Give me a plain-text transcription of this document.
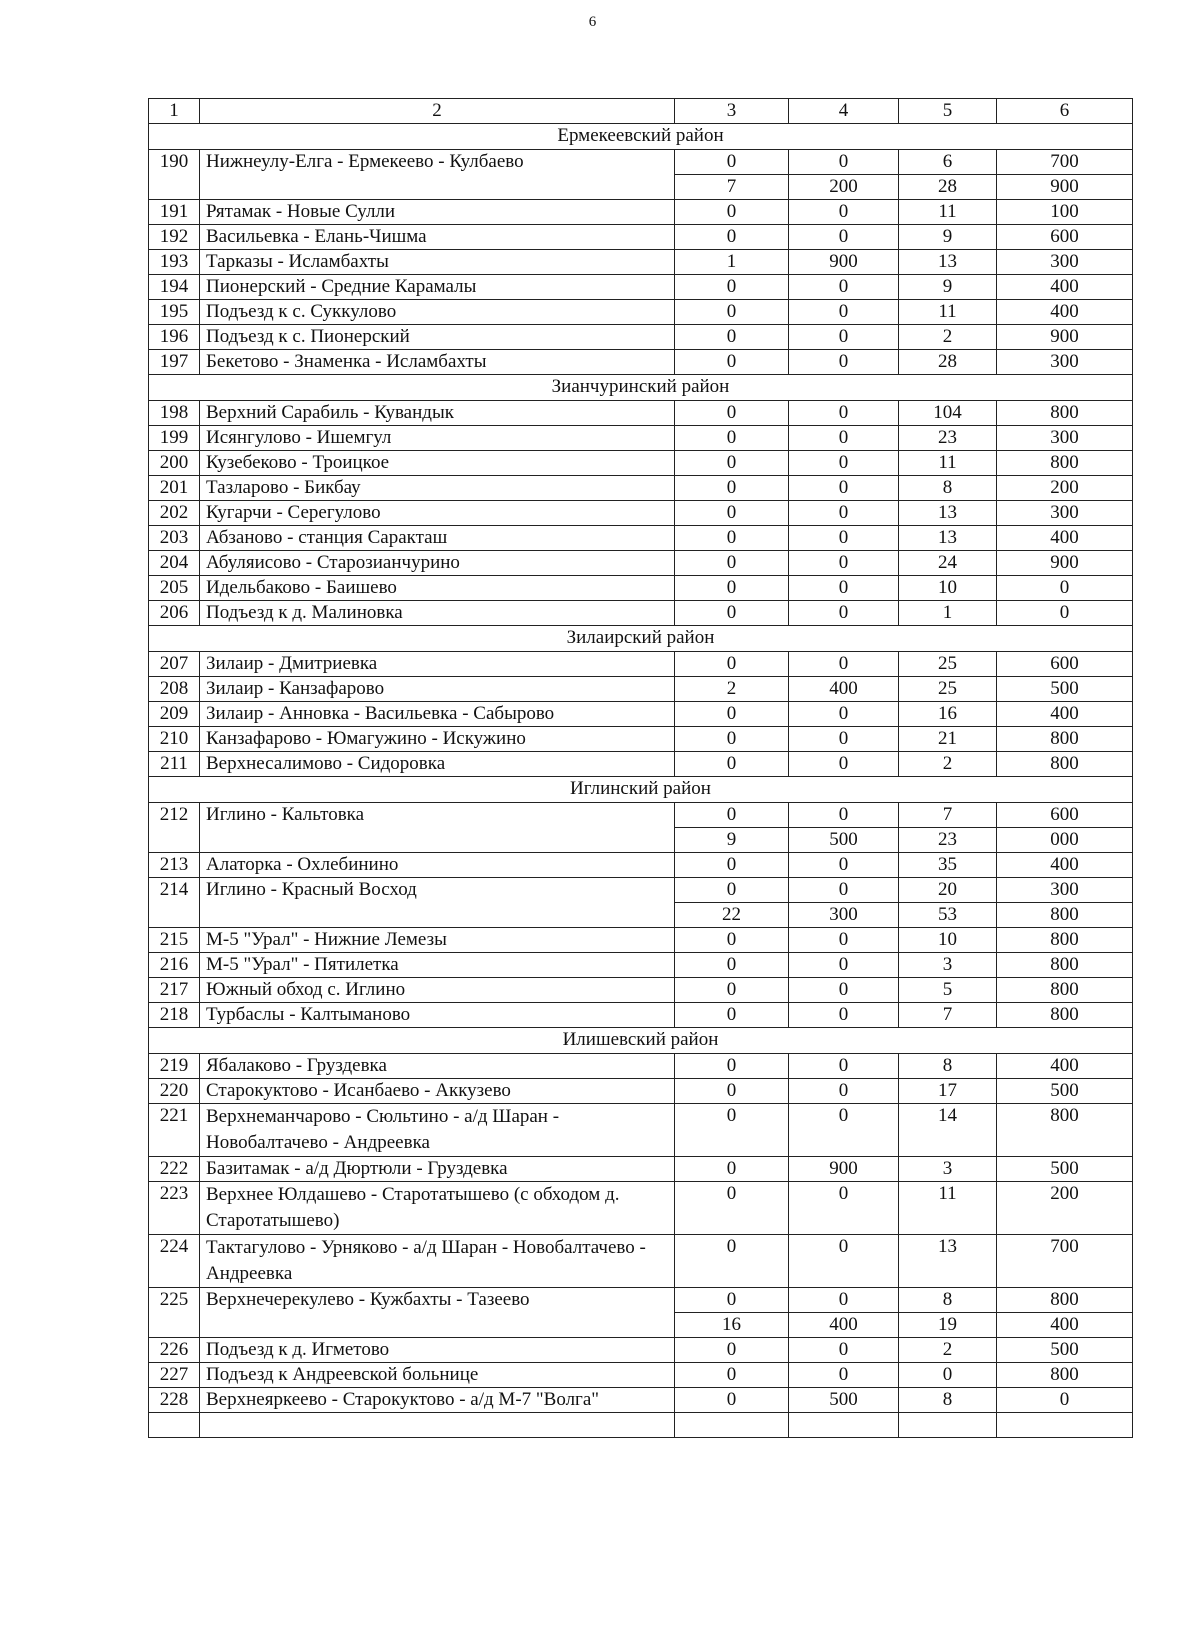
6
1	2	3	4	5	6
Ермекеевский район					
190	Нижнеулу-Елга - Ермекеево - Кулбаево	0	0	6	700
		7	200	28	900
191	Рятамак - Новые Сулли	0	0	11	100
192	Васильевка - Елань-Чишма	0	0	9	600
193	Тарказы - Исламбахты	1	900	13	300
194	Пионерский - Средние Карамалы	0	0	9	400
195	Подъезд к с. Суккулово	0	0	11	400
196	Подъезд к с. Пионерский	0	0	2	900
197	Бекетово - Знаменка - Исламбахты	0	0	28	300
Зианчуринский район					
198	Верхний Сарабиль - Кувандык	0	0	104	800
199	Исянгулово - Ишемгул	0	0	23	300
200	Кузебеково - Троицкое	0	0	11	800
201	Тазларово - Бикбау	0	0	8	200
202	Кугарчи - Серегулово	0	0	13	300
203	Абзаново - станция Саракташ	0	0	13	400
204	Абуляисово - Старозианчурино	0	0	24	900
205	Идельбаково - Баишево	0	0	10	0
206	Подъезд к д. Малиновка	0	0	1	0
Зилаирский район					
207	Зилаир - Дмитриевка	0	0	25	600
208	Зилаир - Канзафарово	2	400	25	500
209	Зилаир - Анновка - Васильевка - Сабырово	0	0	16	400
210	Канзафарово - Юмагужино - Искужино	0	0	21	800
211	Верхнесалимово - Сидоровка	0	0	2	800
Иглинский район					
212	Иглино - Кальтовка	0	0	7	600
		9	500	23	000
213	Алаторка - Охлебинино	0	0	35	400
214	Иглино - Красный Восход	0	0	20	300
		22	300	53	800
215	М-5 "Урал" - Нижние Лемезы	0	0	10	800
216	М-5 "Урал" - Пятилетка	0	0	3	800
217	Южный обход с. Иглино	0	0	5	800
218	Турбаслы - Калтыманово	0	0	7	800
Илишевский район					
219	Ябалаково - Груздевка	0	0	8	400
220	Старокуктово - Исанбаево - Аккузево	0	0	17	500
221	Верхнеманчарово - Сюльтино - а/д Шаран - Новобалтачево - Андреевка	0	0	14	800
222	Базитамак - а/д Дюртюли - Груздевка	0	900	3	500
223	Верхнее Юлдашево - Старотатышево (с обходом д. Старотатышево)	0	0	11	200
224	Тактагулово - Урняково - а/д Шаран - Новобалтачево - Андреевка	0	0	13	700
225	Верхнечерекулево - Кужбахты - Тазеево	0	0	8	800
		16	400	19	400
226	Подъезд к д. Игметово	0	0	2	500
227	Подъезд к Андреевской больнице	0	0	0	800
228	Верхнеяркеево - Старокуктово - а/д М-7 "Волга"	0	500	8	0
